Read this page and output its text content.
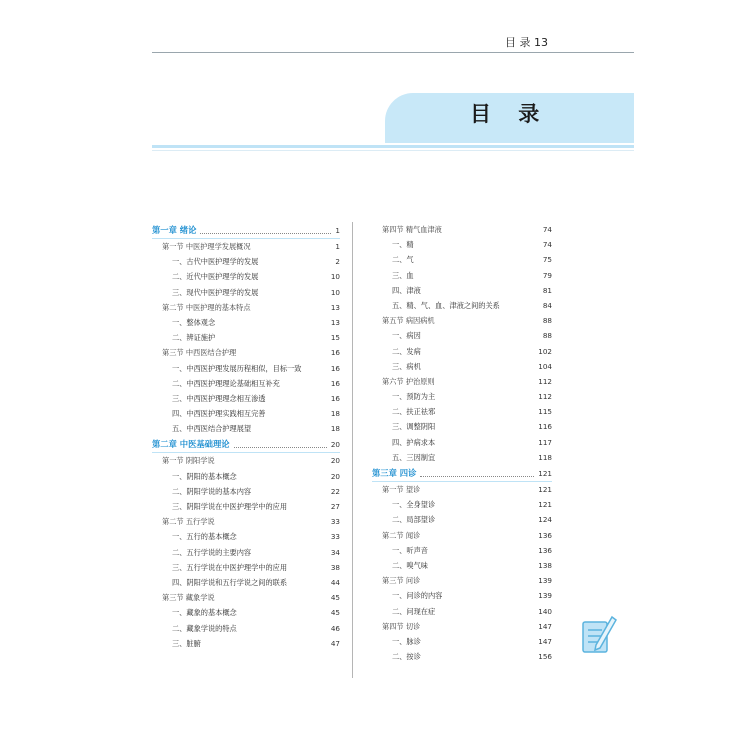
目 录 13
目 录
第一章 绪论	1
第一节 中医护理学发展概况	1
一、古代中医护理学的发展	2
二、近代中医护理学的发展	10
三、现代中医护理学的发展	10
第二节 中医护理的基本特点	13
一、整体观念	13
二、辨证施护	15
第三节 中西医结合护理	16
一、中西医护理发展历程相似，目标一致	16
二、中西医护理理论基础相互补充	16
三、中西医护理理念相互渗透	16
四、中西医护理实践相互完善	18
五、中西医结合护理展望	18
第二章 中医基础理论	20
第一节 阴阳学说	20
一、阴阳的基本概念	20
二、阴阳学说的基本内容	22
三、阴阳学说在中医护理学中的应用	27
第二节 五行学说	33
一、五行的基本概念	33
二、五行学说的主要内容	34
三、五行学说在中医护理学中的应用	38
四、阴阳学说和五行学说之间的联系	44
第三节 藏象学说	45
一、藏象的基本概念	45
二、藏象学说的特点	46
三、脏腑	47
第四节 精气血津液	74
一、精	74
二、气	75
三、血	79
四、津液	81
五、精、气、血、津液之间的关系	84
第五节 病因病机	88
一、病因	88
二、发病	102
三、病机	104
第六节 护治原则	112
一、预防为主	112
二、扶正祛邪	115
三、调整阴阳	116
四、护病求本	117
五、三因制宜	118
第三章 四诊	121
第一节 望诊	121
一、全身望诊	121
二、局部望诊	124
第二节 闻诊	136
一、听声音	136
二、嗅气味	138
第三节 问诊	139
一、问诊的内容	139
二、问现在症	140
第四节 切诊	147
一、脉诊	147
二、按诊	156
